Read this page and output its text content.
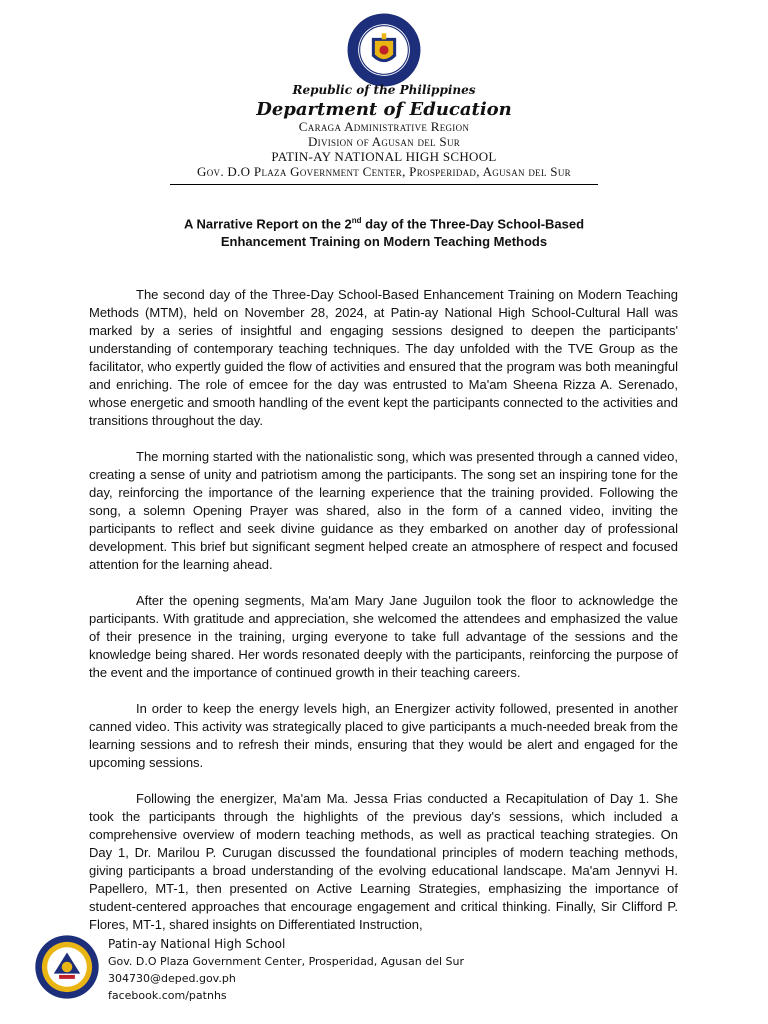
Republic of the Philippines

Department of Education

Caraga Administrative Region

Division of Agusan del Sur

PATIN-AY NATIONAL HIGH SCHOOL

Gov. D.O Plaza Government Center, Prosperidad, Agusan del Sur

A Narrative Report on the 2nd day of the Three-Day School-Based
Enhancement Training on Modern Teaching Methods

The second day of the Three-Day School-Based Enhancement Training on Modern Teaching Methods (MTM), held on November 28, 2024, at Patin-ay National High School-Cultural Hall was marked by a series of insightful and engaging sessions designed to deepen the participants' understanding of contemporary teaching techniques. The day unfolded with the TVE Group as the facilitator, who expertly guided the flow of activities and ensured that the program was both meaningful and enriching. The role of emcee for the day was entrusted to Ma'am Sheena Rizza A. Serenado, whose energetic and smooth handling of the event kept the participants connected to the activities and transitions throughout the day.

The morning started with the nationalistic song, which was presented through a canned video, creating a sense of unity and patriotism among the participants. The song set an inspiring tone for the day, reinforcing the importance of the learning experience that the training provided. Following the song, a solemn Opening Prayer was shared, also in the form of a canned video, inviting the participants to reflect and seek divine guidance as they embarked on another day of professional development. This brief but significant segment helped create an atmosphere of respect and focused attention for the learning ahead.

After the opening segments, Ma'am Mary Jane Juguilon took the floor to acknowledge the participants. With gratitude and appreciation, she welcomed the attendees and emphasized the value of their presence in the training, urging everyone to take full advantage of the sessions and the knowledge being shared. Her words resonated deeply with the participants, reinforcing the purpose of the event and the importance of continued growth in their teaching careers.

In order to keep the energy levels high, an Energizer activity followed, presented in another canned video. This activity was strategically placed to give participants a much-needed break from the learning sessions and to refresh their minds, ensuring that they would be alert and engaged for the upcoming sessions.

Following the energizer, Ma'am Ma. Jessa Frias conducted a Recapitulation of Day 1. She took the participants through the highlights of the previous day's sessions, which included a comprehensive overview of modern teaching methods, as well as practical teaching strategies. On Day 1, Dr. Marilou P. Curugan discussed the foundational principles of modern teaching methods, giving participants a broad understanding of the evolving educational landscape. Ma'am Jennyvi H. Papellero, MT-1, then presented on Active Learning Strategies, emphasizing the importance of student-centered approaches that encourage engagement and critical thinking. Finally, Sir Clifford P. Flores, MT-1, shared insights on Differentiated Instruction,

Patin-ay National High School
Gov. D.O Plaza Government Center, Prosperidad, Agusan del Sur
304730@deped.gov.ph
facebook.com/patnhs
